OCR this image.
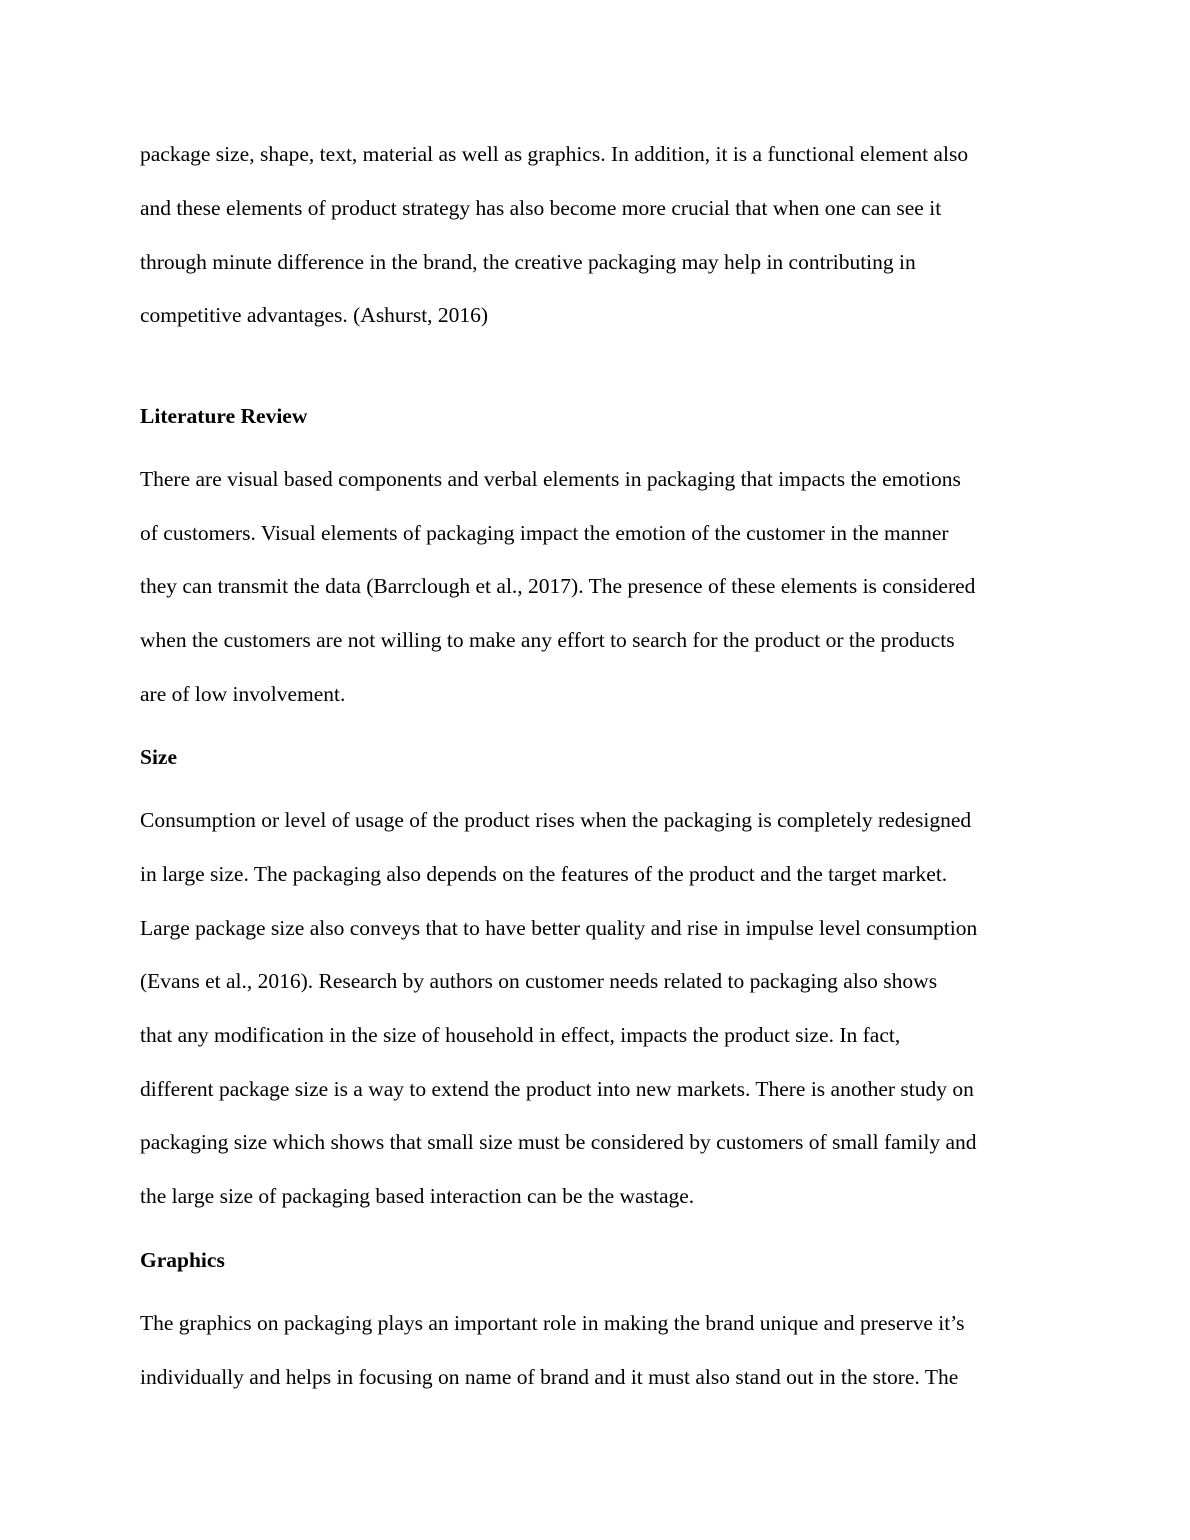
package size, shape, text, material as well as graphics. In addition, it is a functional element also

and these elements of product strategy has also become more crucial that when one can see it

through minute difference in the brand, the creative packaging may help in contributing in

competitive advantages. (Ashurst, 2016)

Literature Review

There are visual based components and verbal elements in packaging that impacts the emotions

of customers. Visual elements of packaging impact the emotion of the customer in the manner

they can transmit the data (Barrclough et al., 2017). The presence of these elements is considered

when the customers are not willing to make any effort to search for the product or the products

are of low involvement.

Size

Consumption or level of usage of the product rises when the packaging is completely redesigned

in large size. The packaging also depends on the features of the product and the target market.

Large package size also conveys that to have better quality and rise in impulse level consumption

(Evans et al., 2016). Research by authors on customer needs related to packaging also shows

that any modification in the size of household in effect, impacts the product size. In fact,

different package size is a way to extend the product into new markets. There is another study on

packaging size which shows that small size must be considered by customers of small family and

the large size of packaging based interaction can be the wastage.

Graphics

The graphics on packaging plays an important role in making the brand unique and preserve it’s

individually and helps in focusing on name of brand and it must also stand out in the store. The
